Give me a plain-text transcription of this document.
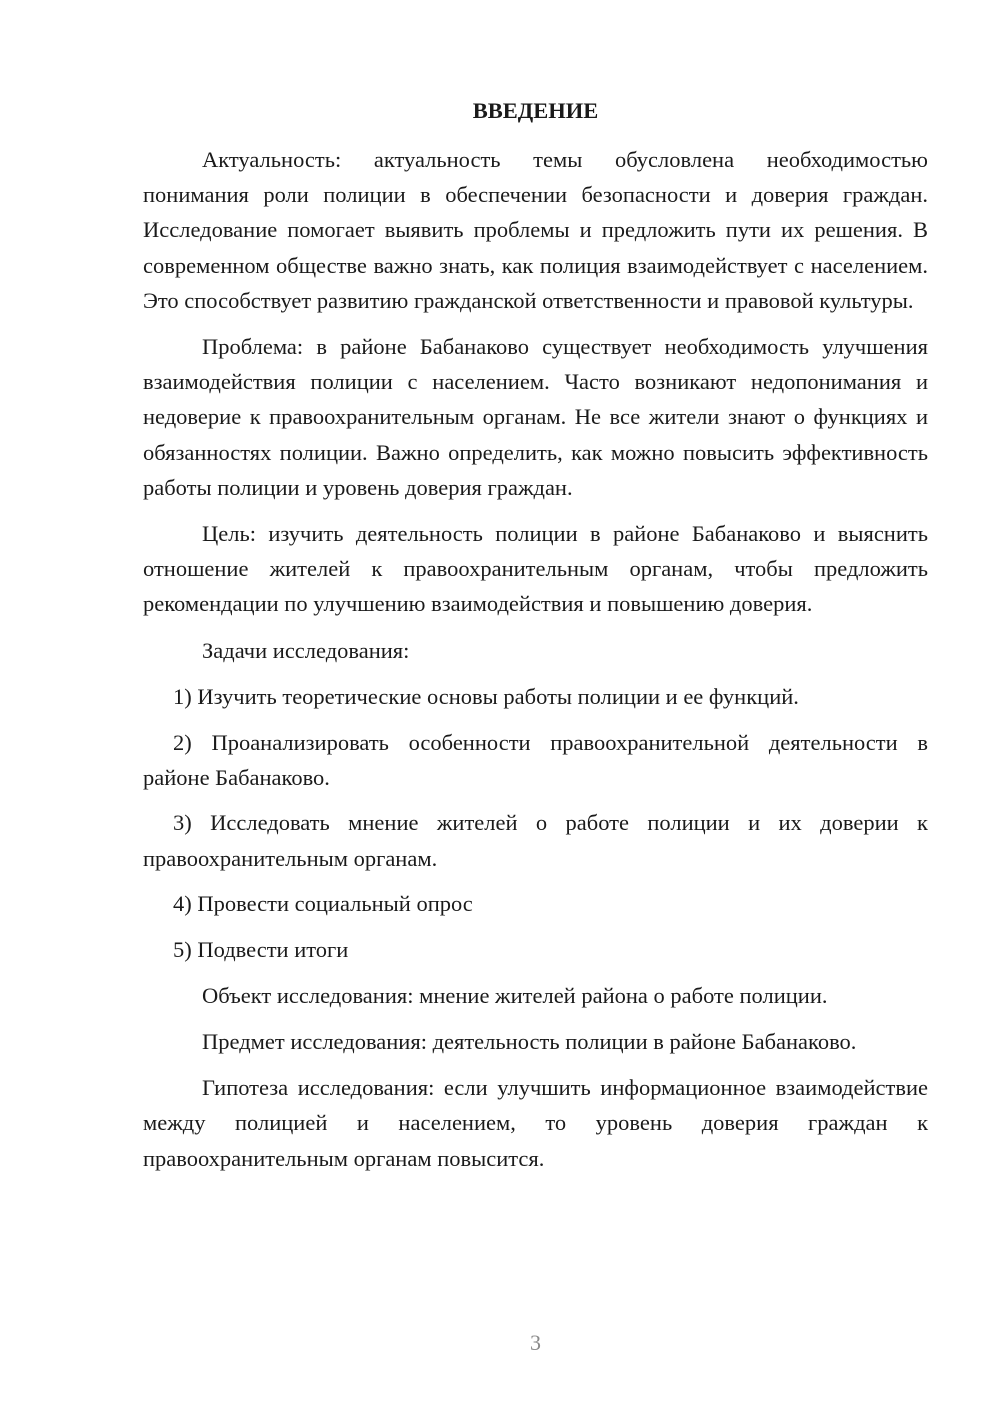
ВВЕДЕНИЕ

Актуальность: актуальность темы обусловлена необходимостью понимания роли полиции в обеспечении безопасности и доверия граждан. Исследование помогает выявить проблемы и предложить пути их решения. В современном обществе важно знать, как полиция взаимодействует с населением. Это способствует развитию гражданской ответственности и правовой культуры.

Проблема: в районе Бабанаково существует необходимость улучшения взаимодействия полиции с населением. Часто возникают недопонимания и недоверие к правоохранительным органам. Не все жители знают о функциях и обязанностях полиции. Важно определить, как можно повысить эффективность работы полиции и уровень доверия граждан.

Цель: изучить деятельность полиции в районе Бабанаково и выяснить отношение жителей к правоохранительным органам, чтобы предложить рекомендации по улучшению взаимодействия и повышению доверия.

Задачи исследования:

1) Изучить теоретические основы работы полиции и ее функций.

2) Проанализировать особенности правоохранительной деятельности в районе Бабанаково.

3) Исследовать мнение жителей о работе полиции и их доверии к правоохранительным органам.

4) Провести социальный опрос

5) Подвести итоги

Объект исследования: мнение жителей района о работе полиции.

Предмет исследования: деятельность полиции в районе Бабанаково.

Гипотеза исследования: если улучшить информационное взаимодействие между полицией и населением, то уровень доверия граждан к правоохранительным органам повысится.

3
